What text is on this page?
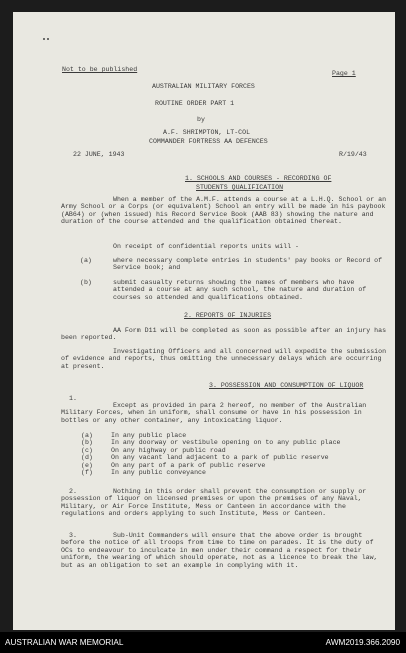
Not to be published
Page 1
AUSTRALIAN MILITARY FORCES
ROUTINE ORDER PART 1
by
A.F. SHRIMPTON, LT-COL
COMMANDER FORTRESS AA DEFENCES
22 JUNE, 1943	R/19/43
1. SCHOOLS AND COURSES - RECORDING OF
STUDENTS QUALIFICATION
When a member of the A.M.F. attends a course at a L.H.Q. School or an Army School or a Corps (or equivalent) School an entry will be made in his paybook (AB64) or (when issued) his Record Service Book (AAB 83) showing the nature and duration of the course attended and the qualification obtained thereat.
On receipt of confidential reports units will -
(a)	where necessary complete entries in students' pay books or Record of Service book; and
(b)	submit casualty returns showing the names of members who have attended a course at any such school, the nature and duration of courses so attended and qualifications obtained.
2. REPORTS OF INJURIES
AA Form D11 will be completed as soon as possible after an injury has been reported.
Investigating Officers and all concerned will expedite the submission of evidence and reports, thus omitting the unnecessary delays which are occurring at present.
3. POSSESSION AND CONSUMPTION OF LIQUOR
1.
Except as provided in para 2 hereof, no member of the Australian Military Forces, when in uniform, shall consume or have in his possession in bottles or any other container, any intoxicating liquor.
(a)	In any public place
(b)	In any doorway or vestibule opening on to any public place
(c)	On any highway or public road
(d)	On any vacant land adjacent to a park of public reserve
(e)	On any part of a park of public reserve
(f)	In any public conveyance
2.	Nothing in this order shall prevent the consumption or supply or possession of liquor on licensed premises or upon the premises of any Naval, Military, or Air Force Institute, Mess or Canteen in accordance with the regulations and orders applying to such Institute, Mess or Canteen.
3.	Sub-Unit Commanders will ensure that the above order is brought before the notice of all troops from time to time on parades. It is the duty of OCs to endeavour to inculcate in men under their command a respect for their uniform, the wearing of which should operate, not as a licence to break the law, but as an obligation to set an example in complying with it.
AUSTRALIAN WAR MEMORIAL	AWM2019.366.2090
